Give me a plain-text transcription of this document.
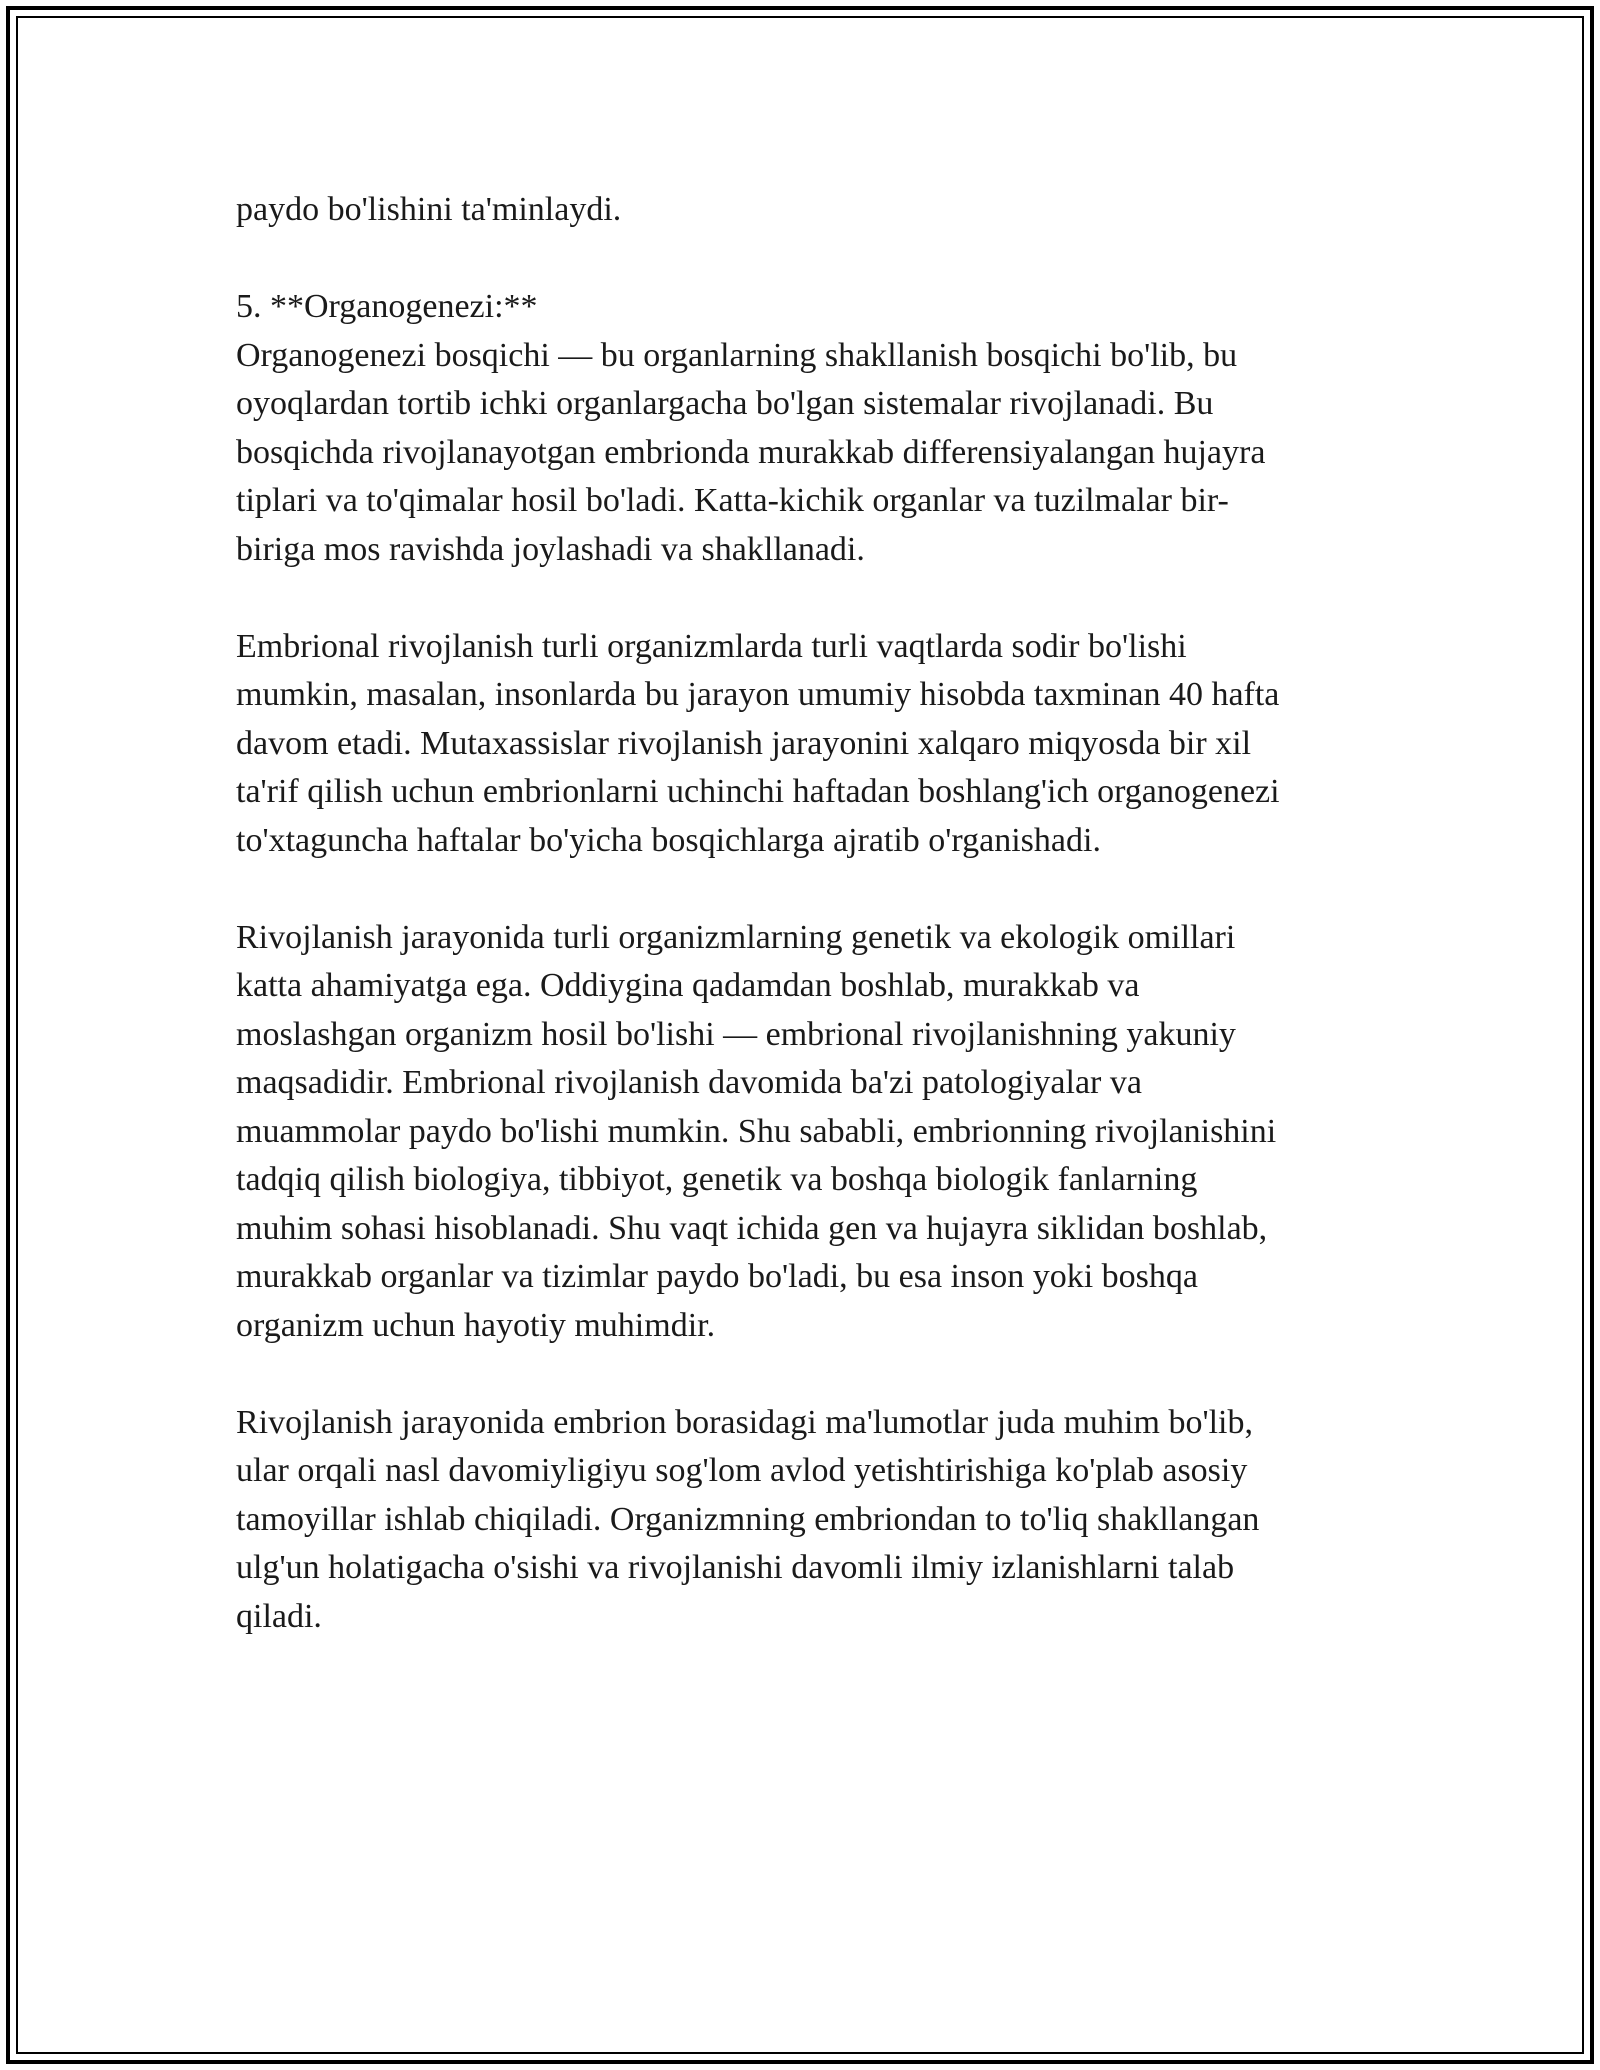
paydo bo'lishini ta'minlaydi.

5. **Organogenezi:**
Organogenezi bosqichi — bu organlarning shakllanish bosqichi bo'lib, bu
oyoqlardan tortib ichki organlargacha bo'lgan sistemalar rivojlanadi. Bu
bosqichda rivojlanayotgan embrionda murakkab differensiyalangan hujayra
tiplari va to'qimalar hosil bo'ladi. Katta-kichik organlar va tuzilmalar bir-
biriga mos ravishda joylashadi va shakllanadi.

Embrional rivojlanish turli organizmlarda turli vaqtlarda sodir bo'lishi
mumkin, masalan, insonlarda bu jarayon umumiy hisobda taxminan 40 hafta
davom etadi. Mutaxassislar rivojlanish jarayonini xalqaro miqyosda bir xil
ta'rif qilish uchun embrionlarni uchinchi haftadan boshlang'ich organogenezi
to'xtaguncha haftalar bo'yicha bosqichlarga ajratib o'rganishadi.

Rivojlanish jarayonida turli organizmlarning genetik va ekologik omillari
katta ahamiyatga ega. Oddiygina qadamdan boshlab, murakkab va
moslashgan organizm hosil bo'lishi — embrional rivojlanishning yakuniy
maqsadidir. Embrional rivojlanish davomida ba'zi patologiyalar va
muammolar paydo bo'lishi mumkin. Shu sababli, embrionning rivojlanishini
tadqiq qilish biologiya, tibbiyot, genetik va boshqa biologik fanlarning
muhim sohasi hisoblanadi. Shu vaqt ichida gen va hujayra siklidan boshlab,
murakkab organlar va tizimlar paydo bo'ladi, bu esa inson yoki boshqa
organizm uchun hayotiy muhimdir.

Rivojlanish jarayonida embrion borasidagi ma'lumotlar juda muhim bo'lib,
ular orqali nasl davomiyligiyu sog'lom avlod yetishtirishiga ko'plab asosiy
tamoyillar ishlab chiqiladi. Organizmning embriondan to to'liq shakllangan
ulg'un holatigacha o'sishi va rivojlanishi davomli ilmiy izlanishlarni talab
qiladi.
